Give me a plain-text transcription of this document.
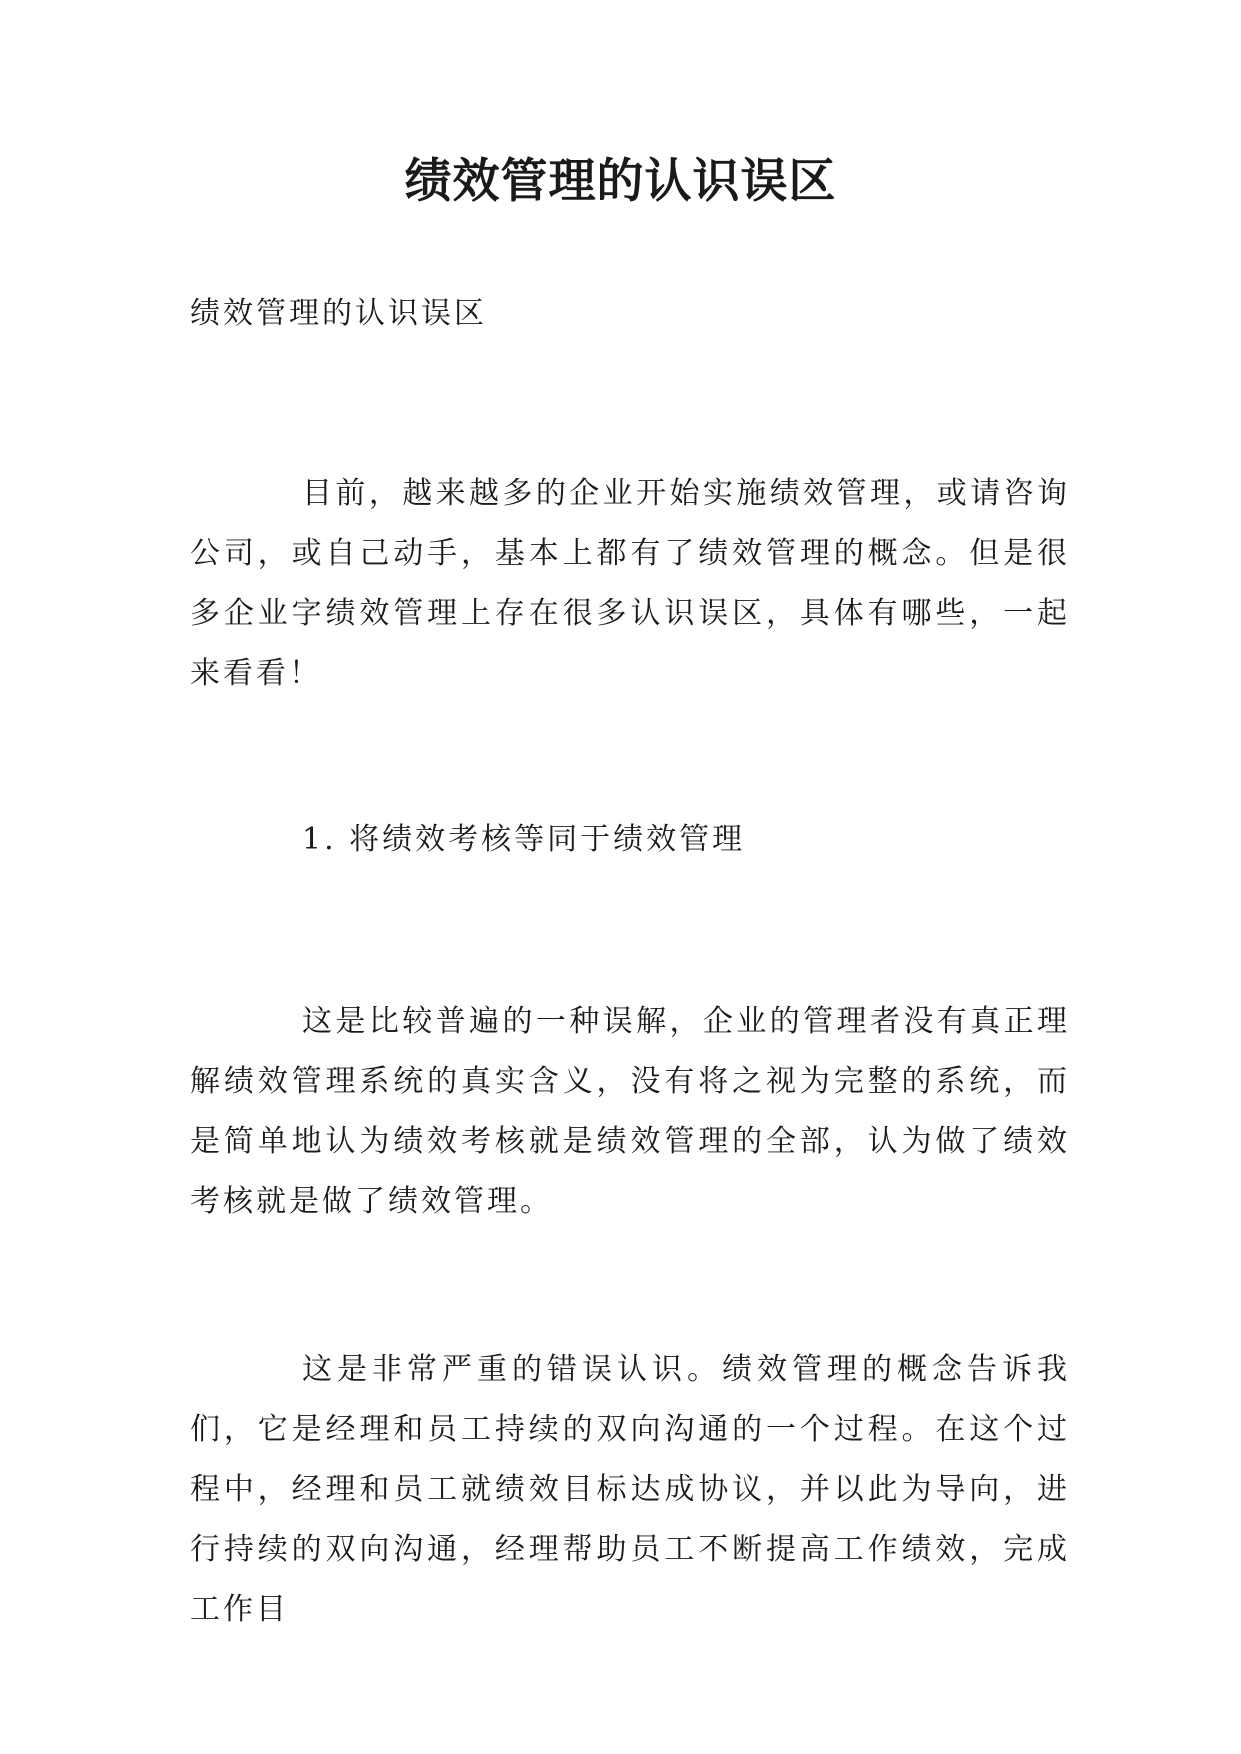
绩效管理的认识误区

绩效管理的认识误区

目前，越来越多的企业开始实施绩效管理，或请咨询公司，或自己动手，基本上都有了绩效管理的概念。但是很多企业字绩效管理上存在很多认识误区，具体有哪些，一起来看看！

1. 将绩效考核等同于绩效管理

这是比较普遍的一种误解，企业的管理者没有真正理解绩效管理系统的真实含义，没有将之视为完整的系统，而是简单地认为绩效考核就是绩效管理的全部，认为做了绩效考核就是做了绩效管理。

这是非常严重的错误认识。绩效管理的概念告诉我们，它是经理和员工持续的双向沟通的一个过程。在这个过程中，经理和员工就绩效目标达成协议，并以此为导向，进行持续的双向沟通，经理帮助员工不断提高工作绩效，完成工作目
